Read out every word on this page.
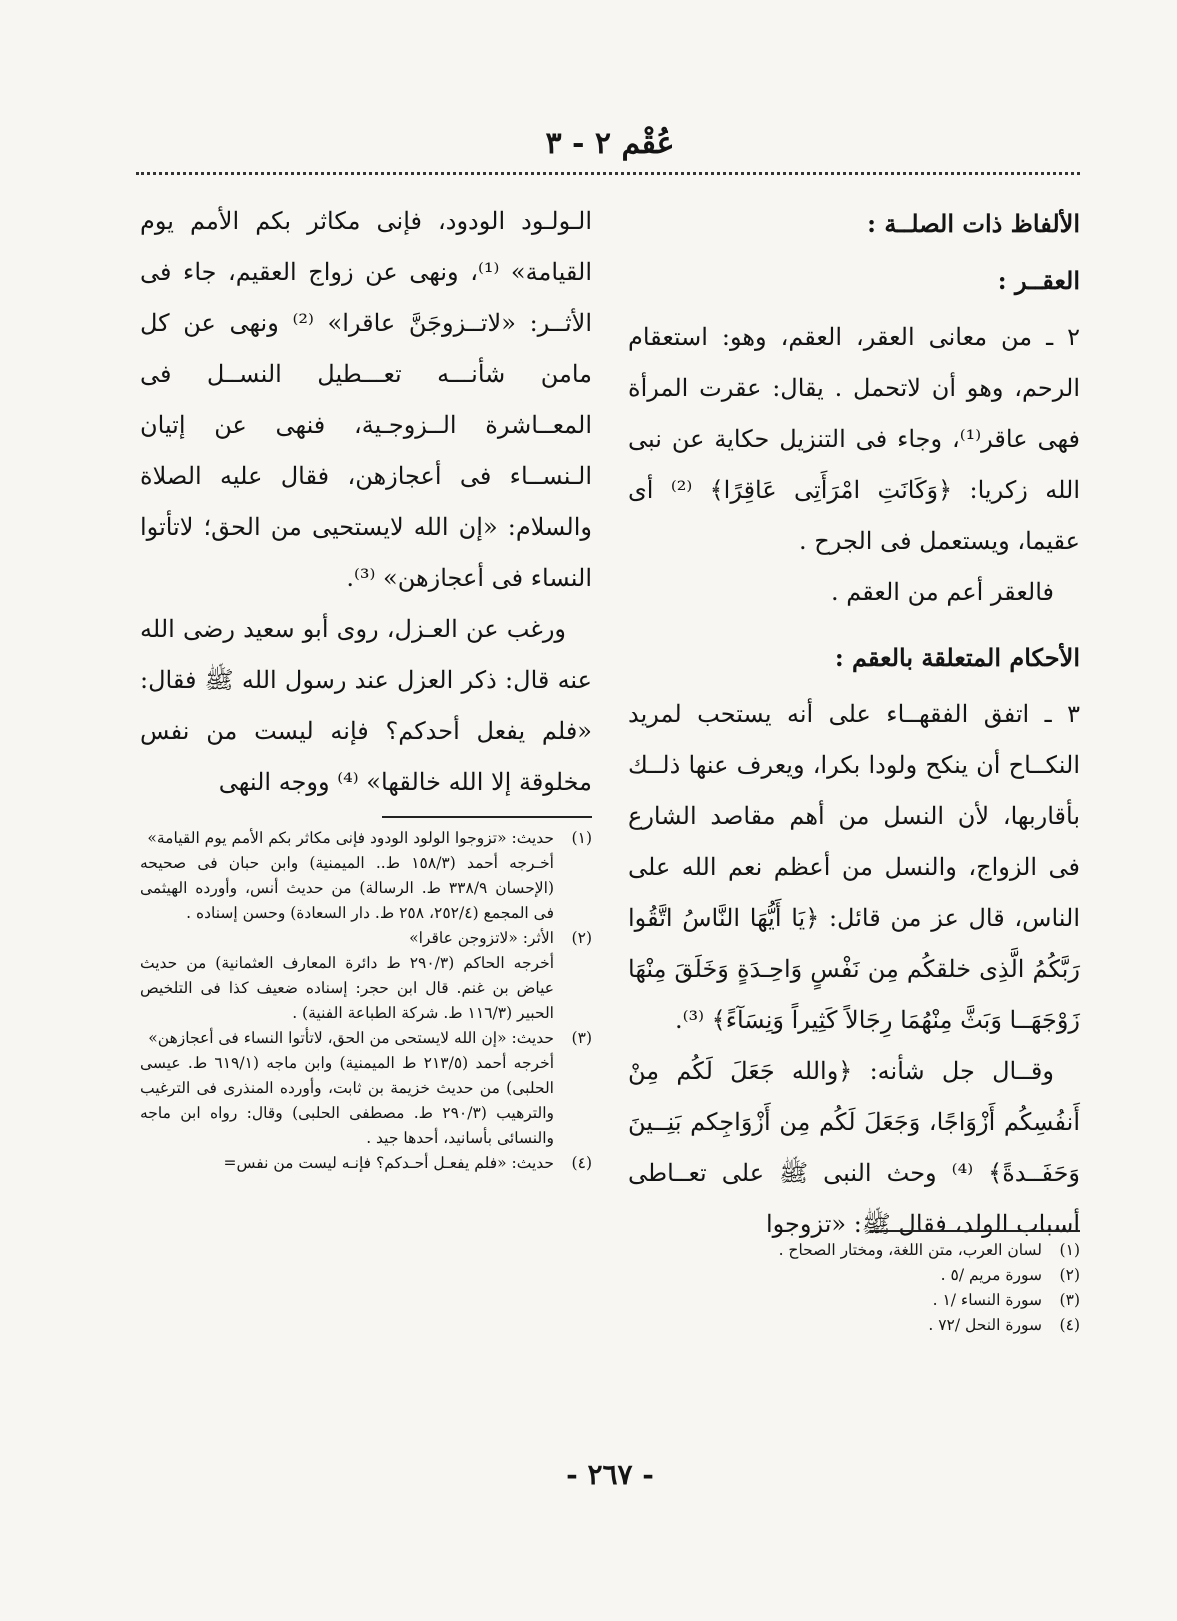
عُقْم ٢ - ٣

الألفاظ ذات الصلــة :

العقــر :

٢ ـ من معانى العقر، العقم، وهو: استعقام الرحم، وهو أن لاتحمل . يقال: عقرت المرأة فهى عاقر⁽¹⁾، وجاء فى التنزيل حكاية عن نبى الله زكريا: ﴿وَكَانَتِ امْرَأَتِى عَاقِرًا﴾ ⁽²⁾ أى عقيما، ويستعمل فى الجرح .

فالعقر أعم من العقم .

الأحكام المتعلقة بالعقم :

٣ ـ اتفق الفقهــاء على أنه يستحب لمريد النكــاح أن ينكح ولودا بكرا، ويعرف عنها ذلــك بأقاربها، لأن النسل من أهم مقاصد الشارع فى الزواج، والنسل من أعظم نعم الله على الناس، قال عز من قائل: ﴿يَا أَيُّهَا النَّاسُ اتَّقُوا رَبَّكُمُ الَّذِى خلقكُم مِن نَفْسٍ وَاحِـدَةٍ وَخَلَقَ مِنْهَا زَوْجَهَــا وَبَثَّ مِنْهُمَا رِجَالاً كَثِيراً وَنِسَآءً﴾ ⁽³⁾.

وقــال جل شأنه: ﴿والله جَعَلَ لَكُم مِنْ أَنفُسِكُم أَزْوَاجًا، وَجَعَلَ لَكُم مِن أَزْوَاجِكم بَنِــينَ وَحَفَــدةً﴾ ⁽⁴⁾ وحث النبى ﷺ على تعــاطى أسباب الولد، فقال ﷺ: «تزوجوا

الـولـود الودود، فإنى مكاثر بكم الأمم يوم القيامة» ⁽¹⁾، ونهى عن زواج العقيم، جاء فى الأثــر: «لاتــزوجَنَّ عاقرا» ⁽²⁾ ونهى عن كل مامن شأنـــه تعـــطيل النســل فى المعــاشرة الــزوجـية، فنهى عن إتيان الـنســاء فى أعجازهن، فقال عليه الصلاة والسلام: «إن الله لايستحيى من الحق؛ لاتأتوا النساء فى أعجازهن» ⁽³⁾.

ورغب عن العـزل، روى أبو سعيد رضى الله عنه قال: ذكر العزل عند رسول الله ﷺ فقال: «فلم يفعل أحدكم؟ فإنه ليست من نفس مخلوقة إلا الله خالقها» ⁽⁴⁾ ووجه النهى

(١)
لسان العرب، متن اللغة، ومختار الصحاح .
(٢)
سورة مريم /٥ .
(٣)
سورة النساء /١ .
(٤)
سورة النحل /٧٢ .
(١)
حديث: «تزوجوا الولود الودود فإنى مكاثر بكم الأمم يوم القيامة»

أخـرجه أحمد (١٥٨/٣ ط.. الميمنية) وابن حبان فى صحيحه (الإحسان ٣٣٨/٩ ط. الرسالة) من حديث أنس، وأورده الهيثمى فى المجمع (٢٥٢/٤، ٢٥٨ ط. دار السعادة) وحسن إسناده .

(٢)
الأثر: «لاتزوجن عاقرا»

أخرجه الحاكم (٢٩٠/٣ ط دائرة المعارف العثمانية) من حديث عياض بن غنم. قال ابن حجر: إسناده ضعيف كذا فى التلخيص الحبير (١١٦/٣ ط. شركة الطباعة الفنية) .

(٣)
حديث: «إن الله لايستحى من الحق، لاتأتوا النساء فى أعجازهن»

أخرجه أحمد (٢١٣/٥ ط الميمنية) وابن ماجه (٦١٩/١ ط. عيسى الحلبى) من حديث خزيمة بن ثابت، وأورده المنذرى فى الترغيب والترهيب (٢٩٠/٣ ط. مصطفى الحلبى) وقال: رواه ابن ماجه والنسائى بأسانيد، أحدها جيد .

(٤)
حديث: «فلم يفعـل أحـدكم؟ فإنـه ليست من نفس=
- ٢٦٧ -
